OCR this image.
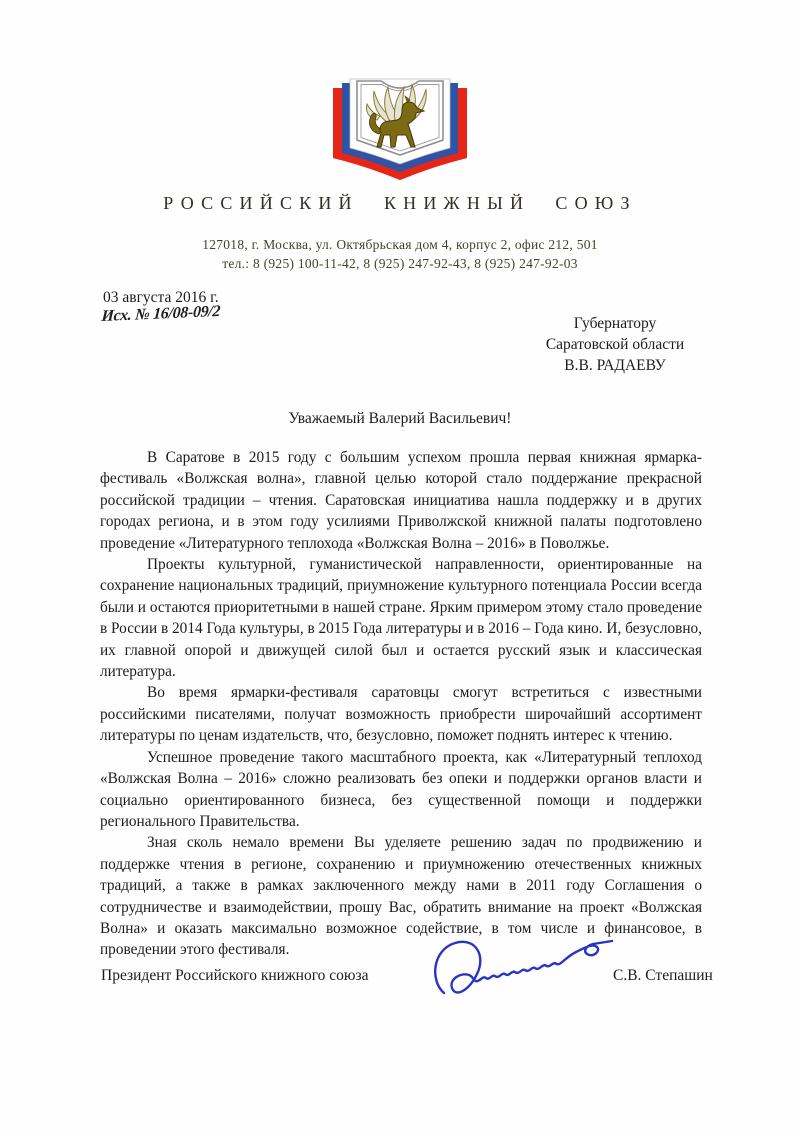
РОССИЙСКИЙ КНИЖНЫЙ СОЮЗ
127018, г. Москва, ул. Октябрьская дом 4, корпус 2, офис 212, 501
тел.: 8 (925) 100-11-42, 8 (925) 247-92-43, 8 (925) 247-92-03
03 августа 2016 г.
Исх. № 16/08-09/2	Губернатору
Саратовской области
В.В. РАДАЕВУ
Уважаемый Валерий Васильевич!

В Саратове в 2015 году с большим успехом прошла первая книжная ярмарка-фестиваль «Волжская волна», главной целью которой стало поддержание прекрасной российской традиции – чтения. Саратовская инициатива нашла поддержку и в других городах региона, и в этом году усилиями Приволжской книжной палаты подготовлено проведение «Литературного теплохода «Волжская Волна – 2016» в Поволжье.

Проекты культурной, гуманистической направленности, ориентированные на сохранение национальных традиций, приумножение культурного потенциала России всегда были и остаются приоритетными в нашей стране. Ярким примером этому стало проведение в России в 2014 Года культуры, в 2015 Года литературы и в 2016 – Года кино. И, безусловно, их главной опорой и движущей силой был и остается русский язык и классическая литература.

Во время ярмарки-фестиваля саратовцы смогут встретиться с известными российскими писателями, получат возможность приобрести широчайший ассортимент литературы по ценам издательств, что, безусловно, поможет поднять интерес к чтению.

Успешное проведение такого масштабного проекта, как «Литературный теплоход «Волжская Волна – 2016» сложно реализовать без опеки и поддержки органов власти и социально ориентированного бизнеса, без существенной помощи и поддержки регионального Правительства.

Зная сколь немало времени Вы уделяете решению задач по продвижению и поддержке чтения в регионе, сохранению и приумножению отечественных книжных традиций, а также в рамках заключенного между нами в 2011 году Соглашения о сотрудничестве и взаимодействии, прошу Вас, обратить внимание на проект «Волжская Волна» и оказать максимально возможное содействие, в том числе и финансовое, в проведении этого фестиваля.

Президент Российского книжного союза	С.В. Степашин
